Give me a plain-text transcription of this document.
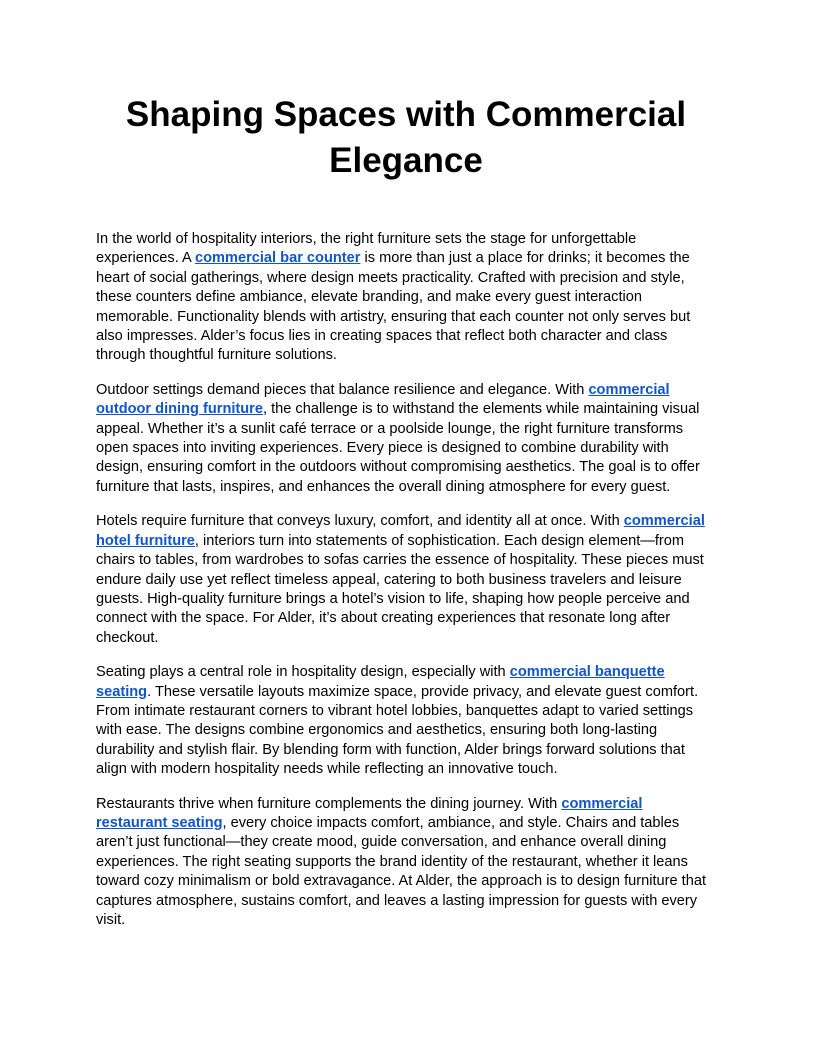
Shaping Spaces with Commercial Elegance

In the world of hospitality interiors, the right furniture sets the stage for unforgettable experiences. A commercial bar counter is more than just a place for drinks; it becomes the heart of social gatherings, where design meets practicality. Crafted with precision and style, these counters define ambiance, elevate branding, and make every guest interaction memorable. Functionality blends with artistry, ensuring that each counter not only serves but also impresses. Alder’s focus lies in creating spaces that reflect both character and class through thoughtful furniture solutions.

Outdoor settings demand pieces that balance resilience and elegance. With commercial outdoor dining furniture, the challenge is to withstand the elements while maintaining visual appeal. Whether it’s a sunlit café terrace or a poolside lounge, the right furniture transforms open spaces into inviting experiences. Every piece is designed to combine durability with design, ensuring comfort in the outdoors without compromising aesthetics. The goal is to offer furniture that lasts, inspires, and enhances the overall dining atmosphere for every guest.

Hotels require furniture that conveys luxury, comfort, and identity all at once. With commercial hotel furniture, interiors turn into statements of sophistication. Each design element—from chairs to tables, from wardrobes to sofas carries the essence of hospitality. These pieces must endure daily use yet reflect timeless appeal, catering to both business travelers and leisure guests. High-quality furniture brings a hotel’s vision to life, shaping how people perceive and connect with the space. For Alder, it’s about creating experiences that resonate long after checkout.

Seating plays a central role in hospitality design, especially with commercial banquette seating. These versatile layouts maximize space, provide privacy, and elevate guest comfort. From intimate restaurant corners to vibrant hotel lobbies, banquettes adapt to varied settings with ease. The designs combine ergonomics and aesthetics, ensuring both long-lasting durability and stylish flair. By blending form with function, Alder brings forward solutions that align with modern hospitality needs while reflecting an innovative touch.

Restaurants thrive when furniture complements the dining journey. With commercial restaurant seating, every choice impacts comfort, ambiance, and style. Chairs and tables aren’t just functional—they create mood, guide conversation, and enhance overall dining experiences. The right seating supports the brand identity of the restaurant, whether it leans toward cozy minimalism or bold extravagance. At Alder, the approach is to design furniture that captures atmosphere, sustains comfort, and leaves a lasting impression for guests with every visit.
